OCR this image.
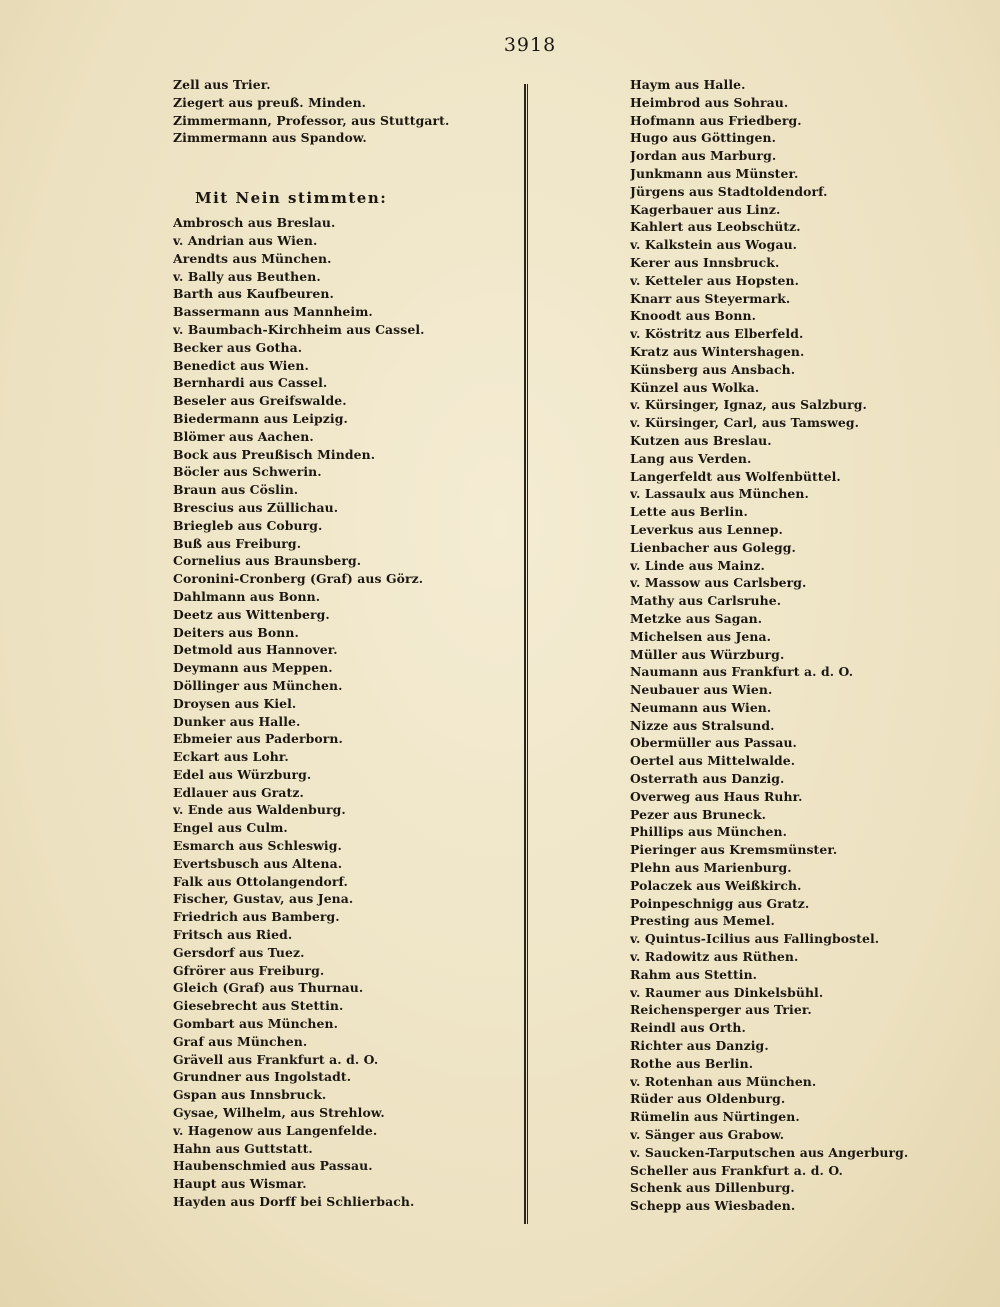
3918
Zell aus Trier.
Ziegert aus preuß. Minden.
Zimmermann, Professor, aus Stuttgart.
Zimmermann aus Spandow.
Mit Nein stimmten:
Ambrosch aus Breslau.
v. Andrian aus Wien.
Arendts aus München.
v. Bally aus Beuthen.
Barth aus Kaufbeuren.
Bassermann aus Mannheim.
v. Baumbach-Kirchheim aus Cassel.
Becker aus Gotha.
Benedict aus Wien.
Bernhardi aus Cassel.
Beseler aus Greifswalde.
Biedermann aus Leipzig.
Blömer aus Aachen.
Bock aus Preußisch Minden.
Böcler aus Schwerin.
Braun aus Cöslin.
Brescius aus Züllichau.
Briegleb aus Coburg.
Buß aus Freiburg.
Cornelius aus Braunsberg.
Coronini-Cronberg (Graf) aus Görz.
Dahlmann aus Bonn.
Deetz aus Wittenberg.
Deiters aus Bonn.
Detmold aus Hannover.
Deymann aus Meppen.
Döllinger aus München.
Droysen aus Kiel.
Dunker aus Halle.
Ebmeier aus Paderborn.
Eckart aus Lohr.
Edel aus Würzburg.
Edlauer aus Gratz.
v. Ende aus Waldenburg.
Engel aus Culm.
Esmarch aus Schleswig.
Evertsbusch aus Altena.
Falk aus Ottolangendorf.
Fischer, Gustav, aus Jena.
Friedrich aus Bamberg.
Fritsch aus Ried.
Gersdorf aus Tuez.
Gfrörer aus Freiburg.
Gleich (Graf) aus Thurnau.
Giesebrecht aus Stettin.
Gombart aus München.
Graf aus München.
Grävell aus Frankfurt a. d. O.
Grundner aus Ingolstadt.
Gspan aus Innsbruck.
Gysae, Wilhelm, aus Strehlow.
v. Hagenow aus Langenfelde.
Hahn aus Guttstatt.
Haubenschmied aus Passau.
Haupt aus Wismar.
Hayden aus Dorff bei Schlierbach.
Haym aus Halle.
Heimbrod aus Sohrau.
Hofmann aus Friedberg.
Hugo aus Göttingen.
Jordan aus Marburg.
Junkmann aus Münster.
Jürgens aus Stadtoldendorf.
Kagerbauer aus Linz.
Kahlert aus Leobschütz.
v. Kalkstein aus Wogau.
Kerer aus Innsbruck.
v. Ketteler aus Hopsten.
Knarr aus Steyermark.
Knoodt aus Bonn.
v. Köstritz aus Elberfeld.
Kratz aus Wintershagen.
Künsberg aus Ansbach.
Künzel aus Wolka.
v. Kürsinger, Ignaz, aus Salzburg.
v. Kürsinger, Carl, aus Tamsweg.
Kutzen aus Breslau.
Lang aus Verden.
Langerfeldt aus Wolfenbüttel.
v. Lassaulx aus München.
Lette aus Berlin.
Leverkus aus Lennep.
Lienbacher aus Golegg.
v. Linde aus Mainz.
v. Massow aus Carlsberg.
Mathy aus Carlsruhe.
Metzke aus Sagan.
Michelsen aus Jena.
Müller aus Würzburg.
Naumann aus Frankfurt a. d. O.
Neubauer aus Wien.
Neumann aus Wien.
Nizze aus Stralsund.
Obermüller aus Passau.
Oertel aus Mittelwalde.
Osterrath aus Danzig.
Overweg aus Haus Ruhr.
Pezer aus Bruneck.
Phillips aus München.
Pieringer aus Kremsmünster.
Plehn aus Marienburg.
Polaczek aus Weißkirch.
Poinpeschnigg aus Gratz.
Presting aus Memel.
v. Quintus-Icilius aus Fallingbostel.
v. Radowitz aus Rüthen.
Rahm aus Stettin.
v. Raumer aus Dinkelsbühl.
Reichensperger aus Trier.
Reindl aus Orth.
Richter aus Danzig.
Rothe aus Berlin.
v. Rotenhan aus München.
Rüder aus Oldenburg.
Rümelin aus Nürtingen.
v. Sänger aus Grabow.
v. Saucken-Tarputschen aus Angerburg.
Scheller aus Frankfurt a. d. O.
Schenk aus Dillenburg.
Schepp aus Wiesbaden.
